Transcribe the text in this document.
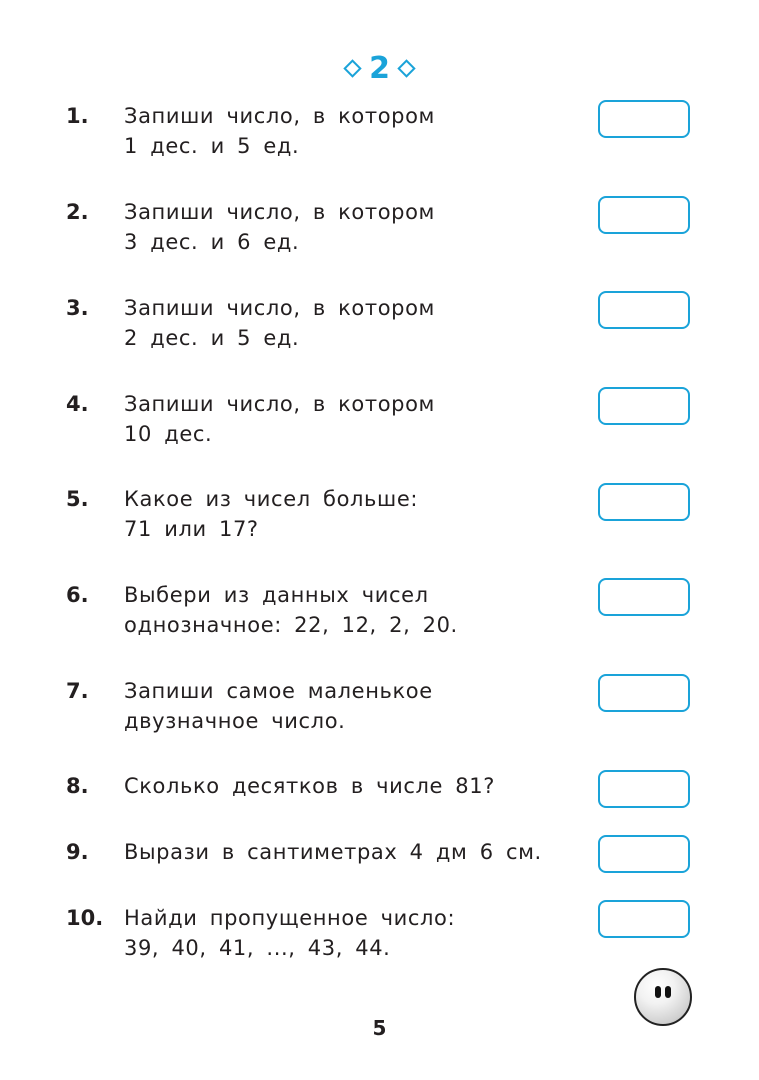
2
1. Запиши число, в котором
1 дес. и 5 ед.
2. Запиши число, в котором
3 дес. и 6 ед.
3. Запиши число, в котором
2 дес. и 5 ед.
4. Запиши число, в котором
10 дес.
5. Какое из чисел больше:
71 или 17?
6. Выбери из данных чисел
однозначное: 22, 12, 2, 20.
7. Запиши самое маленькое
двузначное число.
8. Сколько десятков в числе 81?
9. Вырази в сантиметрах 4 дм 6 см.
10. Найди пропущенное число:
39, 40, 41, ..., 43, 44.
5
